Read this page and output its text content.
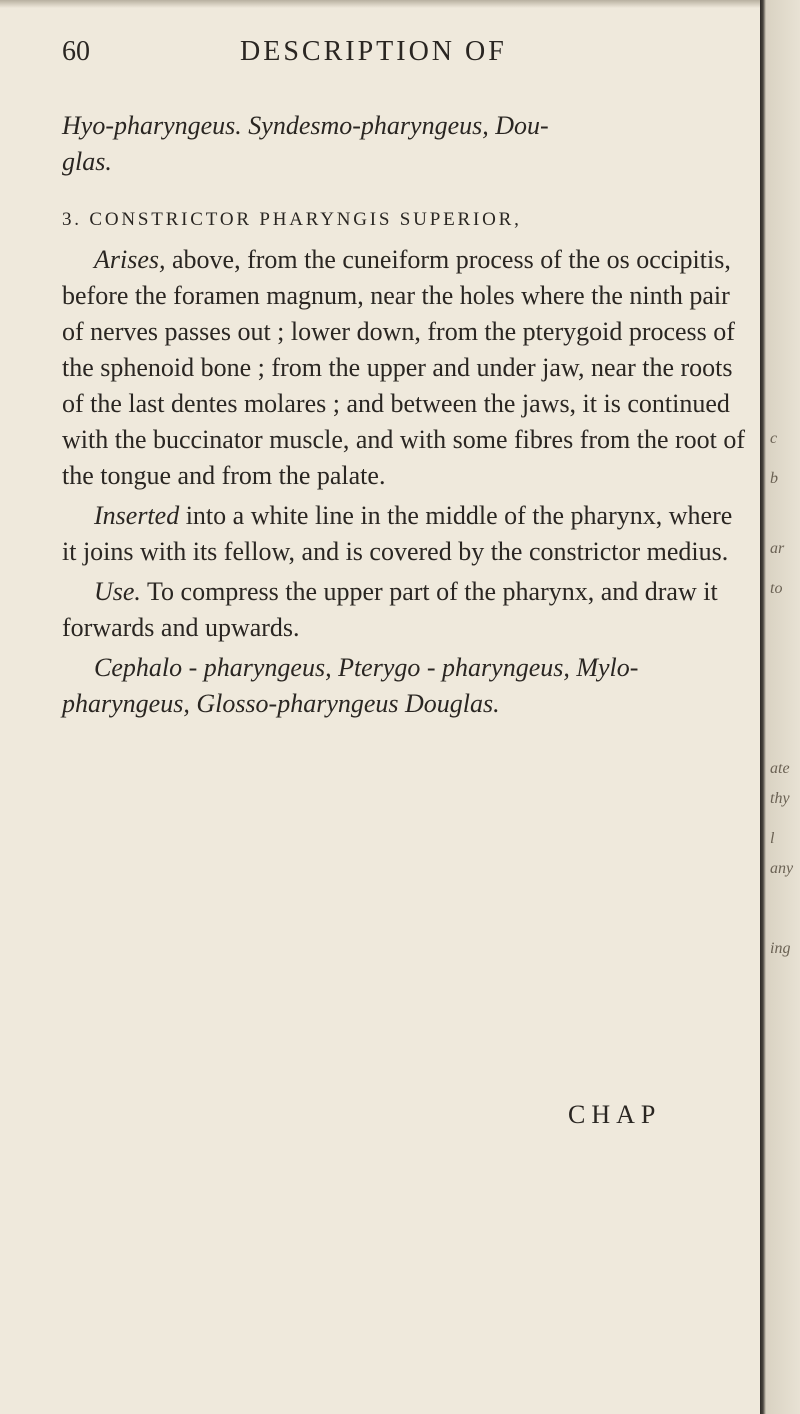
60	DESCRIPTION OF

Hyo-pharyngeus. Syndesmo-pharyngeus, Dou-
glas.

3. CONSTRICTOR PHARYNGIS SUPERIOR,

Arises, above, from the cuneiform process of the os occipitis, before the foramen magnum, near the holes where the ninth pair of nerves passes out ; lower down, from the pterygoid process of the sphenoid bone ; from the upper and under jaw, near the roots of the last dentes molares ; and between the jaws, it is continued with the buccinator muscle, and with some fibres from the root of the tongue and from the palate.

Inserted into a white line in the middle of the pharynx, where it joins with its fellow, and is covered by the constrictor medius.

Use. To compress the upper part of the pharynx, and draw it forwards and upwards.

Cephalo - pharyngeus, Pterygo - pharyngeus, Mylo-pharyngeus, Glosso-pharyngeus Douglas.

CHAP
c
b
ar
to
ate
thy
l
any
ing
